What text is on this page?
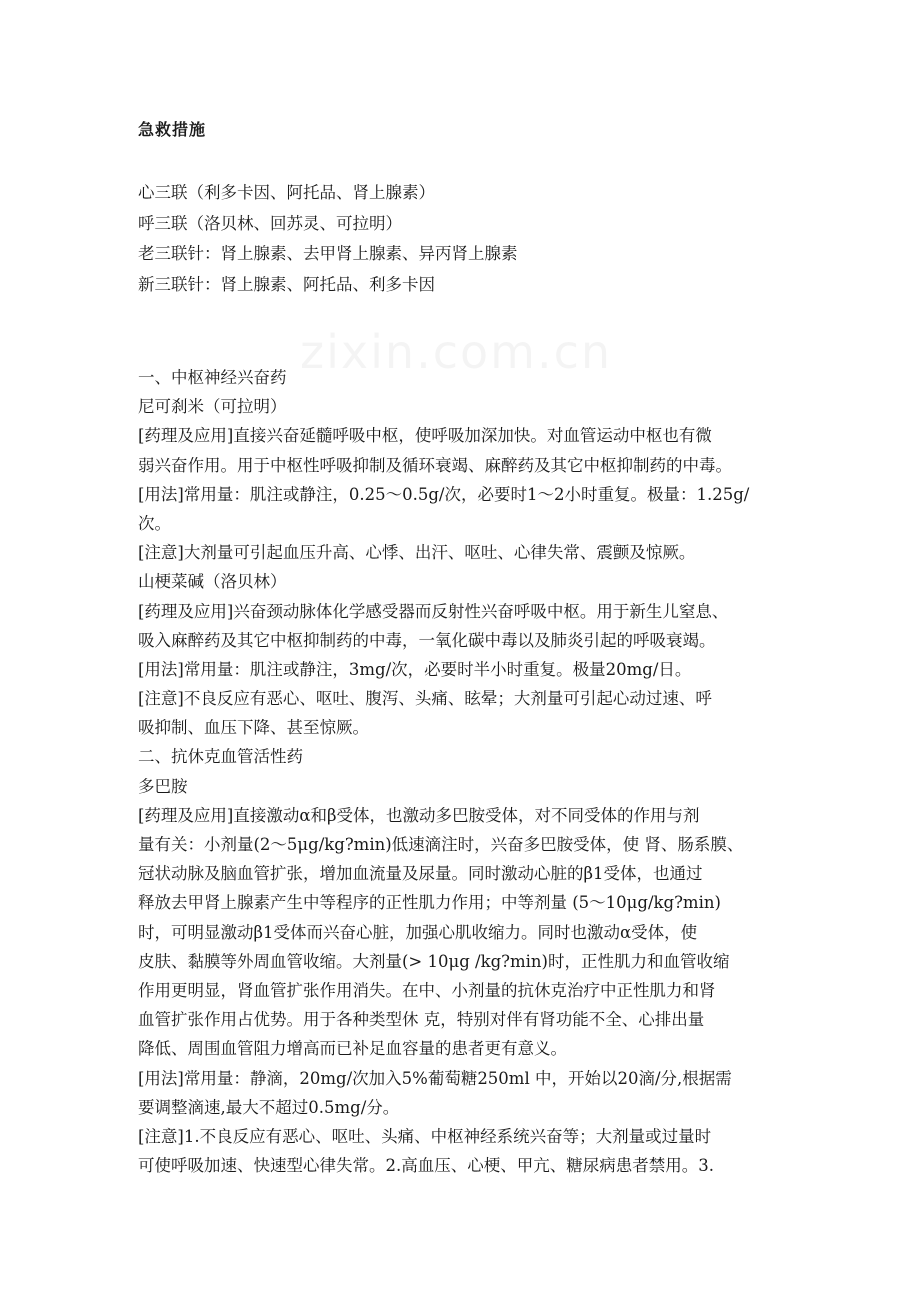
急救措施
心三联（利多卡因、阿托品、肾上腺素）
呼三联（洛贝林、回苏灵、可拉明）
老三联针：肾上腺素、去甲肾上腺素、异丙肾上腺素
新三联针：肾上腺素、阿托品、利多卡因
一、中枢神经兴奋药
尼可刹米（可拉明）
[药理及应用]直接兴奋延髓呼吸中枢，使呼吸加深加快。对血管运动中枢也有微
弱兴奋作用。用于中枢性呼吸抑制及循环衰竭、麻醉药及其它中枢抑制药的中毒。
[用法]常用量：肌注或静注，0.25～0.5g/次，必要时1～2小时重复。极量：1.25g/
次。
[注意]大剂量可引起血压升高、心悸、出汗、呕吐、心律失常、震颤及惊厥。
山梗菜碱（洛贝林）
[药理及应用]兴奋颈动脉体化学感受器而反射性兴奋呼吸中枢。用于新生儿窒息、
吸入麻醉药及其它中枢抑制药的中毒，一氧化碳中毒以及肺炎引起的呼吸衰竭。
[用法]常用量：肌注或静注，3mg/次，必要时半小时重复。极量20mg/日。
[注意]不良反应有恶心、呕吐、腹泻、头痛、眩晕；大剂量可引起心动过速、呼
吸抑制、血压下降、甚至惊厥。
二、抗休克血管活性药
多巴胺
[药理及应用]直接激动α和β受体，也激动多巴胺受体，对不同受体的作用与剂
量有关：小剂量(2～5μg/kg?min)低速滴注时，兴奋多巴胺受体，使 肾、肠系膜、
冠状动脉及脑血管扩张，增加血流量及尿量。同时激动心脏的β1受体，也通过
释放去甲肾上腺素产生中等程序的正性肌力作用；中等剂量 (5～10μg/kg?min)
时，可明显激动β1受体而兴奋心脏，加强心肌收缩力。同时也激动α受体，使
皮肤、黏膜等外周血管收缩。大剂量(> 10μg /kg?min)时，正性肌力和血管收缩
作用更明显，肾血管扩张作用消失。在中、小剂量的抗休克治疗中正性肌力和肾
血管扩张作用占优势。用于各种类型休 克，特别对伴有肾功能不全、心排出量
降低、周围血管阻力增高而已补足血容量的患者更有意义。
[用法]常用量：静滴，20mg/次加入5%葡萄糖250ml 中，开始以20滴/分,根据需
要调整滴速,最大不超过0.5mg/分。
[注意]1.不良反应有恶心、呕吐、头痛、中枢神经系统兴奋等；大剂量或过量时
可使呼吸加速、快速型心律失常。2.高血压、心梗、甲亢、糖尿病患者禁用。3.
